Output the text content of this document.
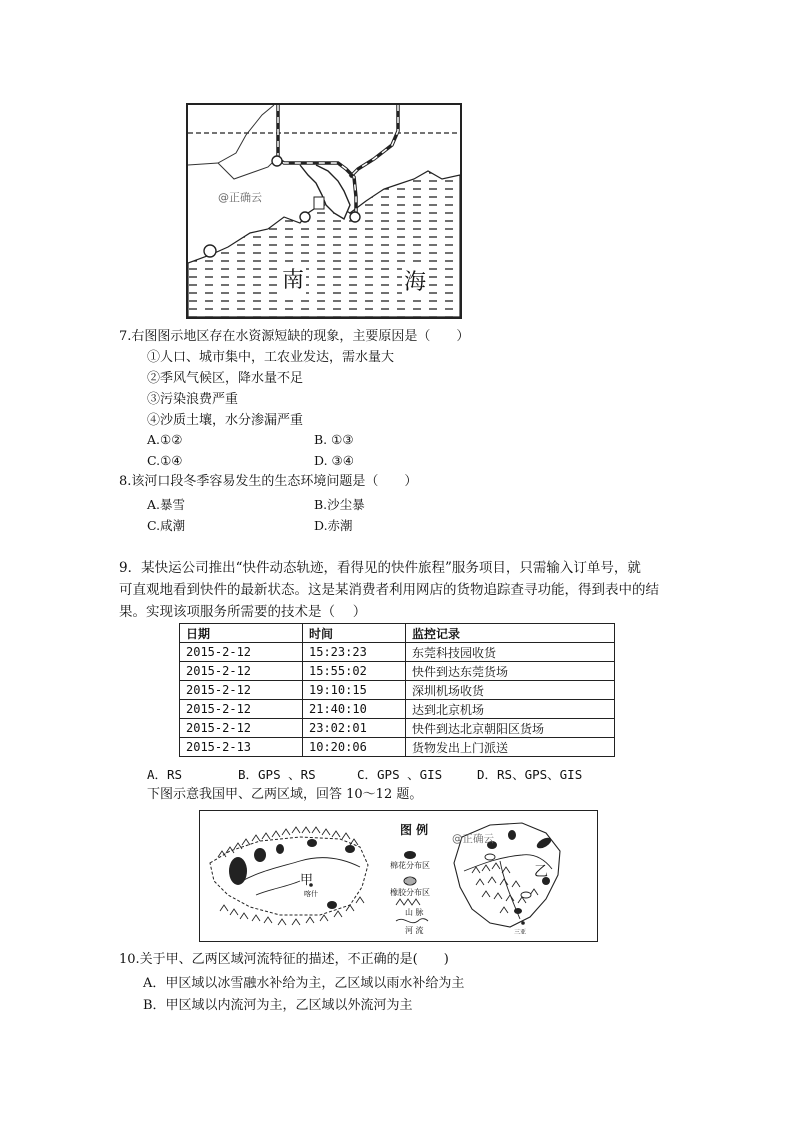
@正确云
南	海
7.右图图示地区存在水资源短缺的现象，主要原因是（　　）
①人口、城市集中，工农业发达，需水量大
②季风气候区，降水量不足
③污染浪费严重
④沙质土壤，水分渗漏严重
A.①②	B. ①③
C.①④	D. ③④
8.该河口段冬季容易发生的生态环境问题是（　　）
A.暴雪	B.沙尘暴
C.咸潮	D.赤潮
9．某快运公司推出“快件动态轨迹，看得见的快件旅程”服务项目，只需输入订单号，就
可直观地看到快件的最新状态。这是某消费者利用网店的货物追踪查寻功能，得到表中的结
果。实现该项服务所需要的技术是（　 ）
日期	时间	监控记录
2015-2-12	15:23:23	东莞科技园收货
2015-2-12	15:55:02	快件到达东莞货场
2015-2-12	19:10:15	深圳机场收货
2015-2-12	21:40:10	达到北京机场
2015-2-12	23:02:01	快件到达北京朝阳区货场
2015-2-13	10:20:06	货物发出上门派送
A．RS	B．GPS 、RS	C．GPS 、GIS	D．RS、GPS、GIS
下图示意我国甲、乙两区域，回答 10～12 题。
图 例
@正确云
棉花分布区
橡胶分布区
山 脉
河 流
甲
喀什
乙
三亚
10.关于甲、乙两区域河流特征的描述，不正确的是(　　)
A．甲区域以冰雪融水补给为主，乙区域以雨水补给为主
B．甲区域以内流河为主，乙区域以外流河为主
